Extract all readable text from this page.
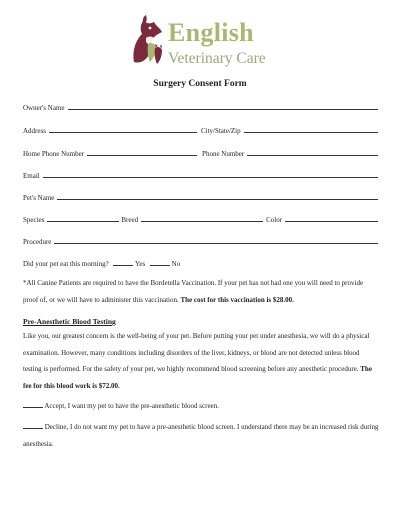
English
Veterinary Care
Surgery Consent Form
Owner's Name
Address	City/State/Zip
Home Phone Number	Phone Number
Email
Pet's Name
Species	Breed	Color
Procedure
Did your pet eat this morning?	Yes	No
*All Canine Patients are required to have the Bordetella Vaccination. If your pet has not had one you will need to provide proof of, or we will have to administer this vaccination. The cost for this vaccination is $28.00.
Pre-Anesthetic Blood Testing
Like you, our greatest concern is the well-being of your pet. Before putting your pet under anesthesia, we will do a physical examination. However, many conditions including disorders of the liver, kidneys, or blood are not detected unless blood testing is performed. For the safety of your pet, we highly recommend blood screening before any anesthetic procedure. The fee for this blood work is $72.00.
Accept, I want my pet to have the pre-anesthetic blood screen.
Decline, I do not want my pet to have a pre-anesthetic blood screen. I understand there may be an increased risk during anesthesia.
